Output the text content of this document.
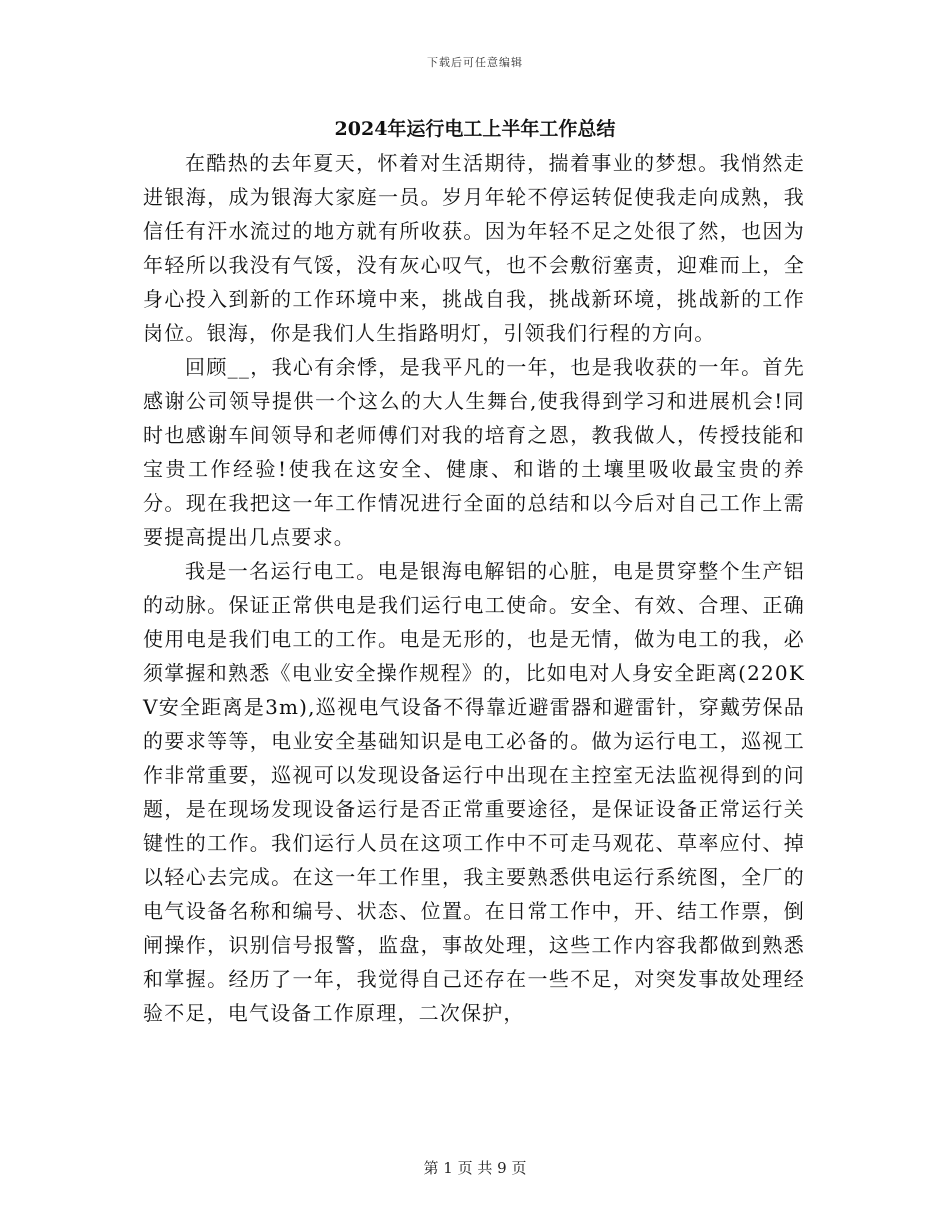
下载后可任意编辑
2024年运行电工上半年工作总结

在酷热的去年夏天，怀着对生活期待，揣着事业的梦想。我悄然走进银海，成为银海大家庭一员。岁月年轮不停运转促使我走向成熟，我信任有汗水流过的地方就有所收获。因为年轻不足之处很了然，也因为年轻所以我没有气馁，没有灰心叹气，也不会敷衍塞责，迎难而上，全身心投入到新的工作环境中来，挑战自我，挑战新环境，挑战新的工作岗位。银海，你是我们人生指路明灯，引领我们行程的方向。

回顾__，我心有余悸，是我平凡的一年，也是我收获的一年。首先感谢公司领导提供一个这么的大人生舞台,使我得到学习和进展机会!同时也感谢车间领导和老师傅们对我的培育之恩，教我做人，传授技能和宝贵工作经验!使我在这安全、健康、和谐的土壤里吸收最宝贵的养分。现在我把这一年工作情况进行全面的总结和以今后对自己工作上需要提高提出几点要求。

我是一名运行电工。电是银海电解铝的心脏，电是贯穿整个生产铝的动脉。保证正常供电是我们运行电工使命。安全、有效、合理、正确使用电是我们电工的工作。电是无形的，也是无情，做为电工的我，必须掌握和熟悉《电业安全操作规程》的，比如电对人身安全距离(220KV安全距离是3m),巡视电气设备不得靠近避雷器和避雷针，穿戴劳保品的要求等等，电业安全基础知识是电工必备的。做为运行电工，巡视工作非常重要，巡视可以发现设备运行中出现在主控室无法监视得到的问题，是在现场发现设备运行是否正常重要途径，是保证设备正常运行关键性的工作。我们运行人员在这项工作中不可走马观花、草率应付、掉以轻心去完成。在这一年工作里，我主要熟悉供电运行系统图，全厂的电气设备名称和编号、状态、位置。在日常工作中，开、结工作票，倒闸操作，识别信号报警，监盘，事故处理，这些工作内容我都做到熟悉和掌握。经历了一年，我觉得自己还存在一些不足，对突发事故处理经验不足，电气设备工作原理，二次保护，

第 1 页 共 9 页
